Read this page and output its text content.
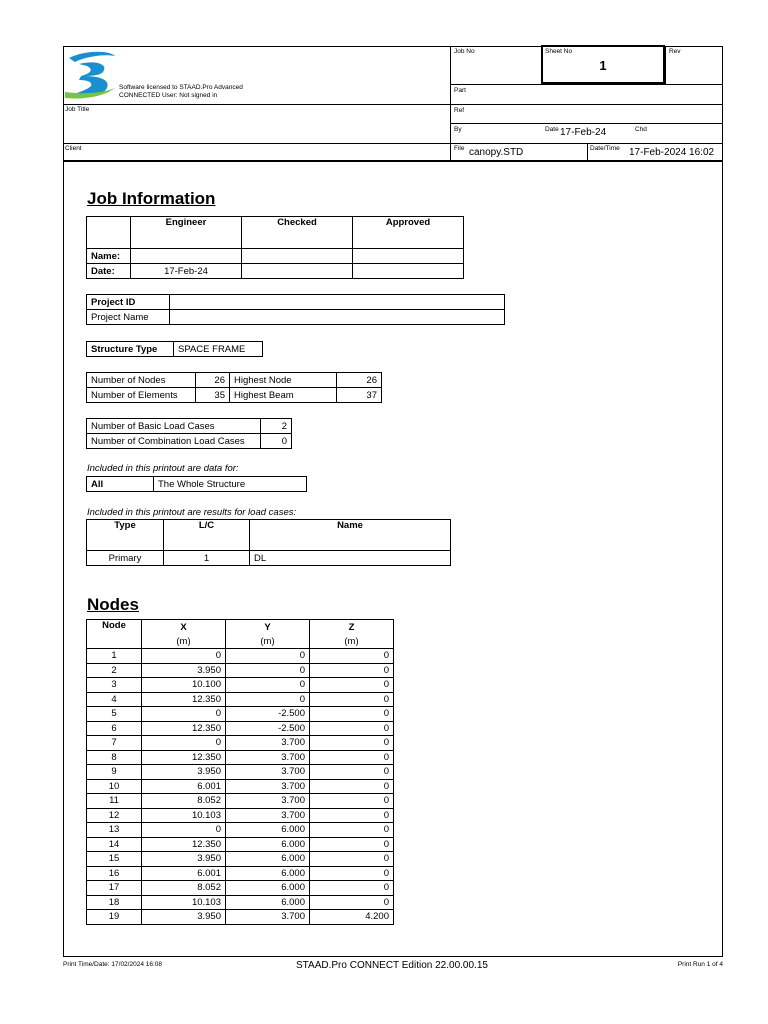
Software licensed to STAAD.Pro Advanced
CONNECTED User: Not signed in
Job Title
Client
Job No	Sheet No
1
Rev
Part
Ref
By	Date 17-Feb-24	Chd
File canopy.STD	Date/Time 17-Feb-2024 16:02
Job Information
	Engineer	Checked	Approved
Name:			
Date:	17-Feb-24		
Project ID	
Project Name	
Structure Type	SPACE FRAME
Number of Nodes	26	Highest Node	26
Number of Elements	35	Highest Beam	37
Number of Basic Load Cases	2
Number of Combination Load Cases	0
Included in this printout are data for:
All	The Whole Structure
Included in this printout are results for load cases:
Type	L/C	Name
Primary	1	DL
Nodes
Node	X	Y	Z
	(m)	(m)	(m)
1	0	0	0
2	3.950	0	0
3	10.100	0	0
4	12.350	0	0
5	0	-2.500	0
6	12.350	-2.500	0
7	0	3.700	0
8	12.350	3.700	0
9	3.950	3.700	0
10	6.001	3.700	0
11	8.052	3.700	0
12	10.103	3.700	0
13	0	6.000	0
14	12.350	6.000	0
15	3.950	6.000	0
16	6.001	6.000	0
17	8.052	6.000	0
18	10.103	6.000	0
19	3.950	3.700	4.200
Print Time/Date: 17/02/2024 16:08	STAAD.Pro CONNECT Edition 22.00.00.15	Print Run 1 of 4
